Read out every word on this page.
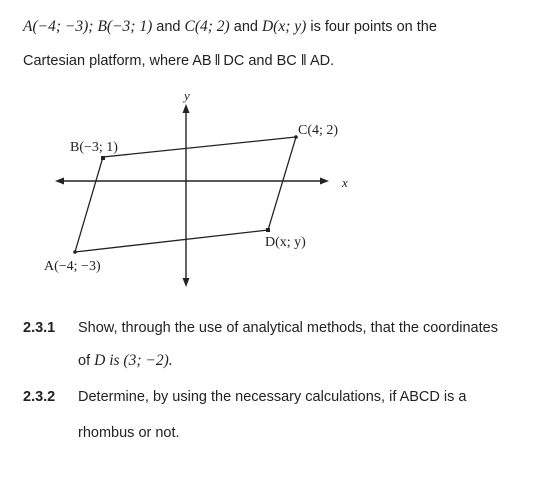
A(−4; −3); B(−3; 1) and C(4; 2) and D(x; y) is four points on the
Cartesian platform, where AB ‖ DC and BC ‖ AD.
y
x
B(−3; 1)
C(4; 2)
D(x; y)
A(−4; −3)
2.3.1 Show, through the use of analytical methods, that the coordinates
of D is (3; −2).
2.3.2 Determine, by using the necessary calculations, if ABCD is a
rhombus or not.
